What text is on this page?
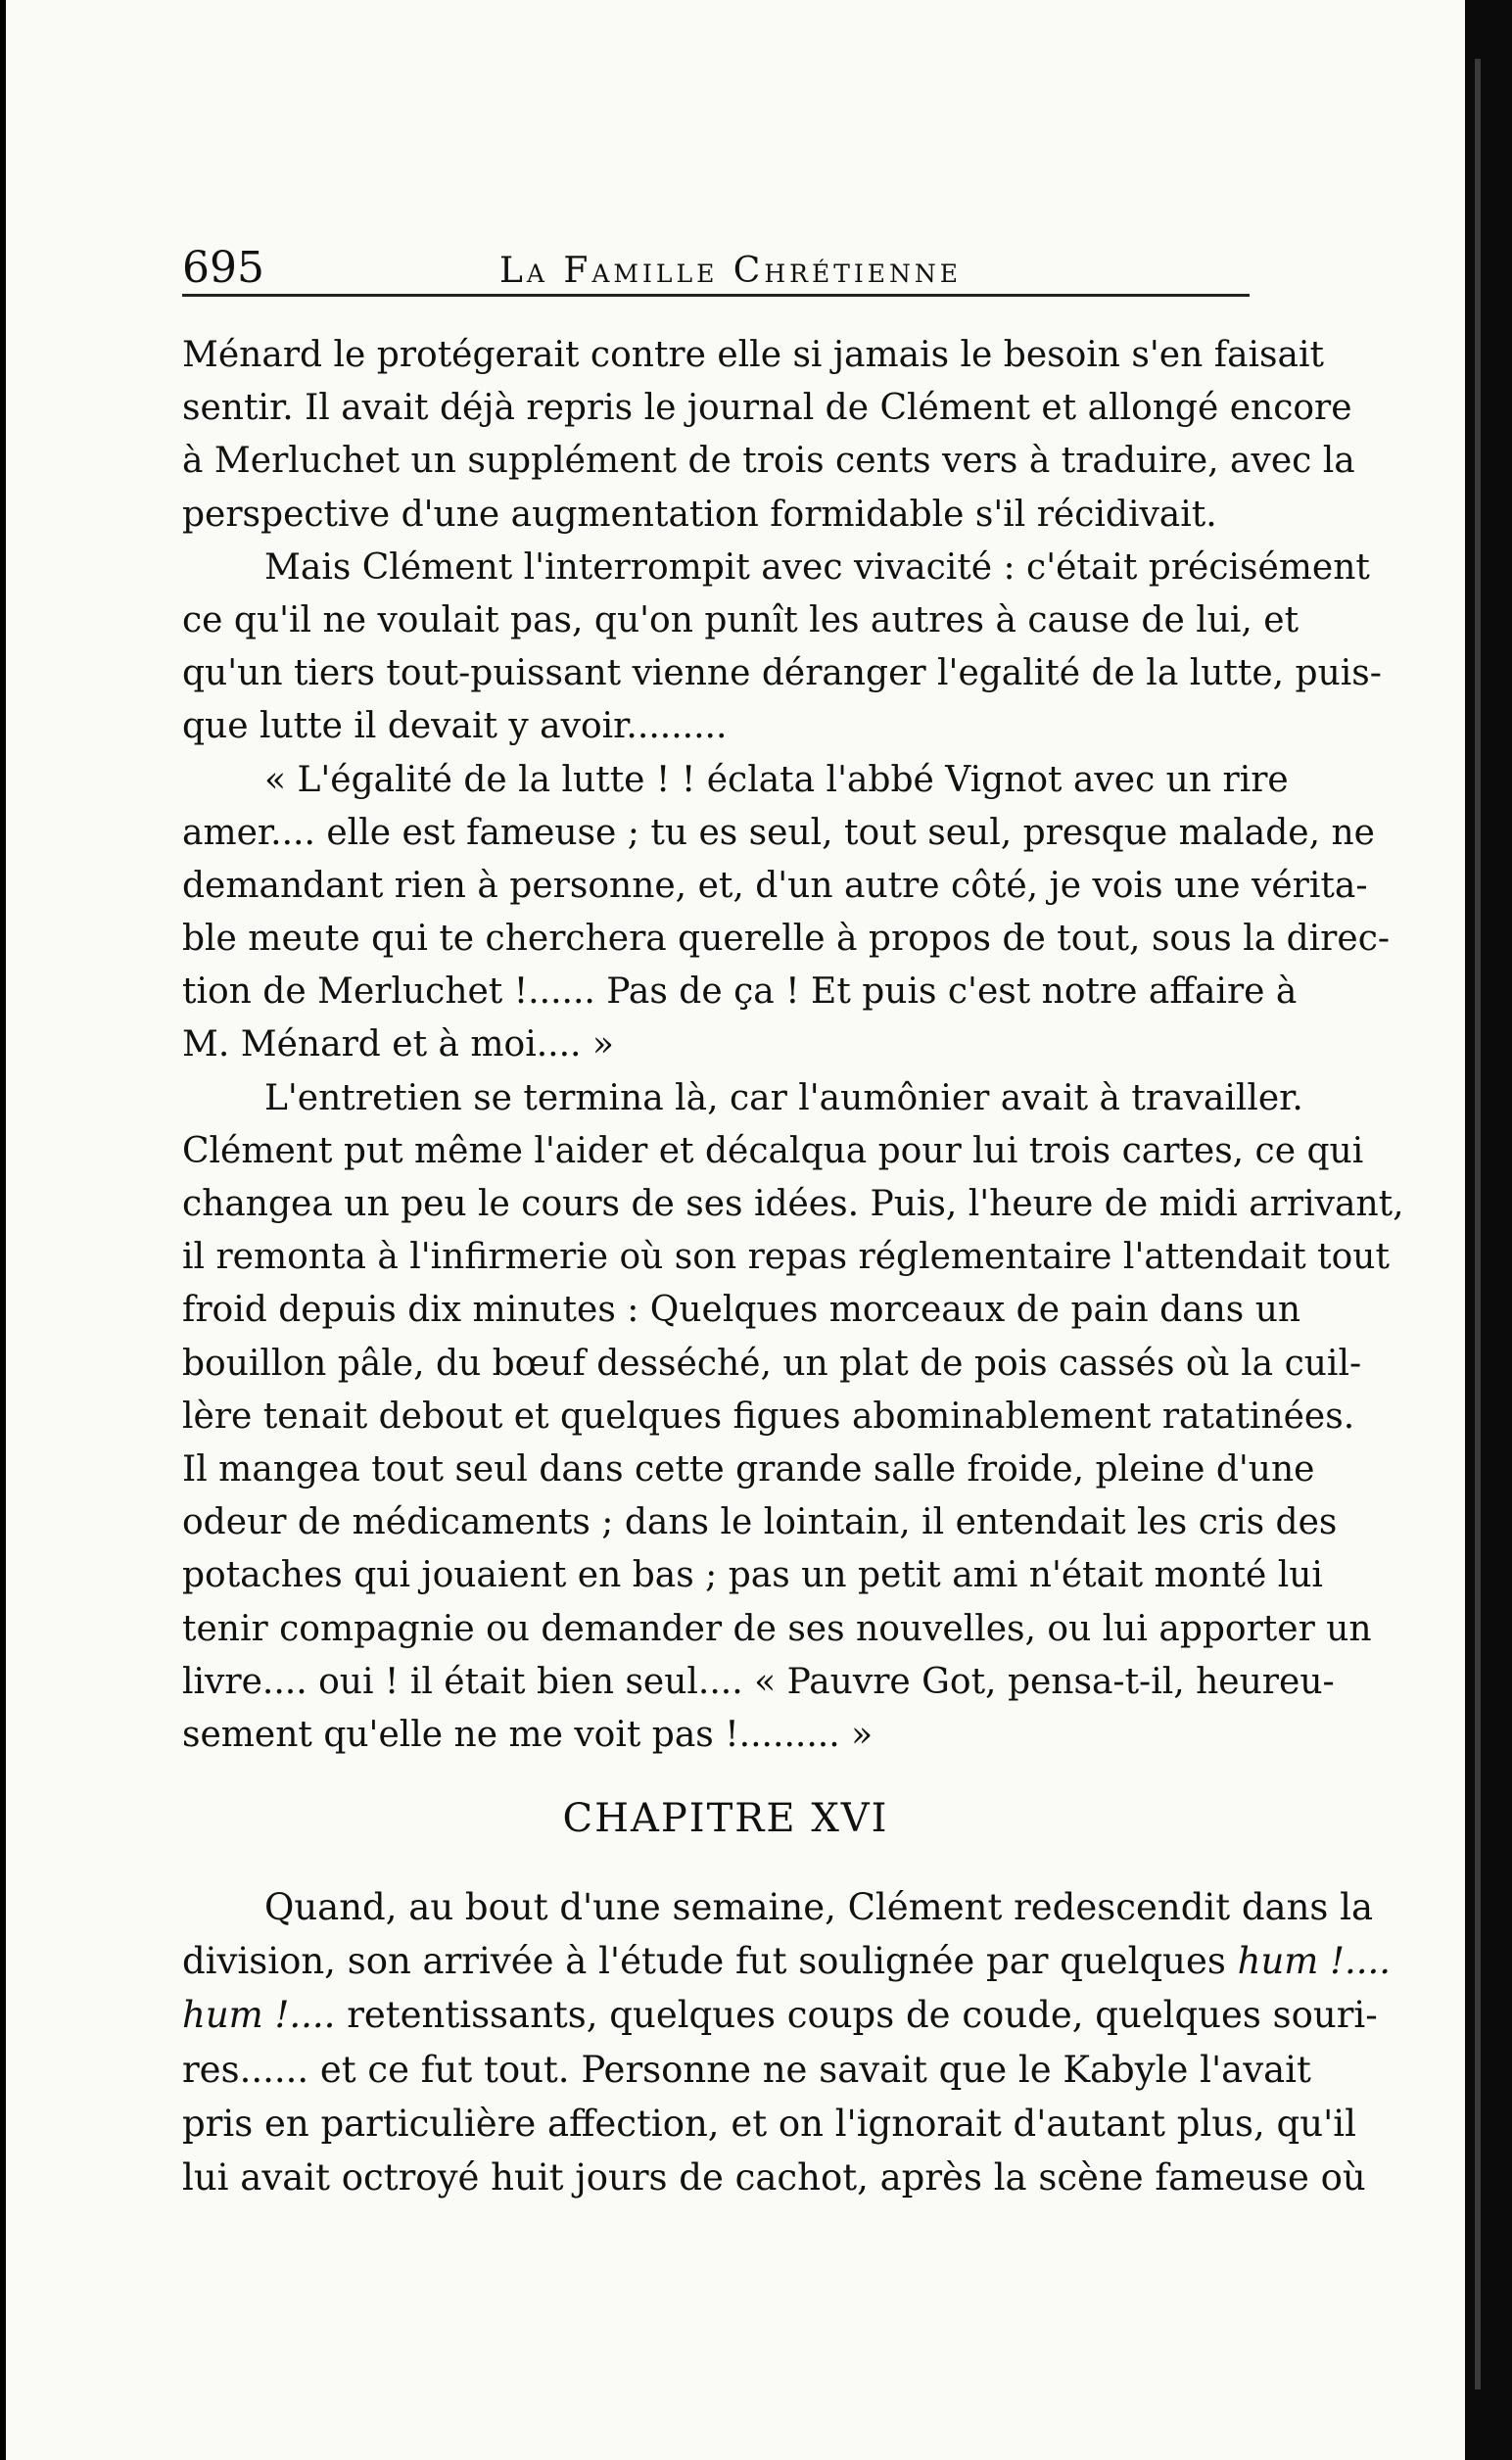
695	La Famille Chrétienne
Ménard le protégerait contre elle si jamais le besoin s'en faisait
sentir. Il avait déjà repris le journal de Clément et allongé encore
à Merluchet un supplément de trois cents vers à traduire, avec la
perspective d'une augmentation formidable s'il récidivait.
Mais Clément l'interrompit avec vivacité : c'était précisément
ce qu'il ne voulait pas, qu'on punît les autres à cause de lui, et
qu'un tiers tout-puissant vienne déranger l'egalité de la lutte, puis-
que lutte il devait y avoir.........
« L'égalité de la lutte ! ! éclata l'abbé Vignot avec un rire
amer.... elle est fameuse ; tu es seul, tout seul, presque malade, ne
demandant rien à personne, et, d'un autre côté, je vois une vérita-
ble meute qui te cherchera querelle à propos de tout, sous la direc-
tion de Merluchet !...... Pas de ça ! Et puis c'est notre affaire à
M. Ménard et à moi.... »
L'entretien se termina là, car l'aumônier avait à travailler.
Clément put même l'aider et décalqua pour lui trois cartes, ce qui
changea un peu le cours de ses idées. Puis, l'heure de midi arrivant,
il remonta à l'infirmerie où son repas réglementaire l'attendait tout
froid depuis dix minutes : Quelques morceaux de pain dans un
bouillon pâle, du bœuf desséché, un plat de pois cassés où la cuil-
lère tenait debout et quelques figues abominablement ratatinées.
Il mangea tout seul dans cette grande salle froide, pleine d'une
odeur de médicaments ; dans le lointain, il entendait les cris des
potaches qui jouaient en bas ; pas un petit ami n'était monté lui
tenir compagnie ou demander de ses nouvelles, ou lui apporter un
livre.... oui ! il était bien seul.... « Pauvre Got, pensa-t-il, heureu-
sement qu'elle ne me voit pas !......... »
CHAPITRE XVI
Quand, au bout d'une semaine, Clément redescendit dans la
division, son arrivée à l'étude fut soulignée par quelques hum !....
hum !.... retentissants, quelques coups de coude, quelques souri-
res...... et ce fut tout. Personne ne savait que le Kabyle l'avait
pris en particulière affection, et on l'ignorait d'autant plus, qu'il
lui avait octroyé huit jours de cachot, après la scène fameuse où
